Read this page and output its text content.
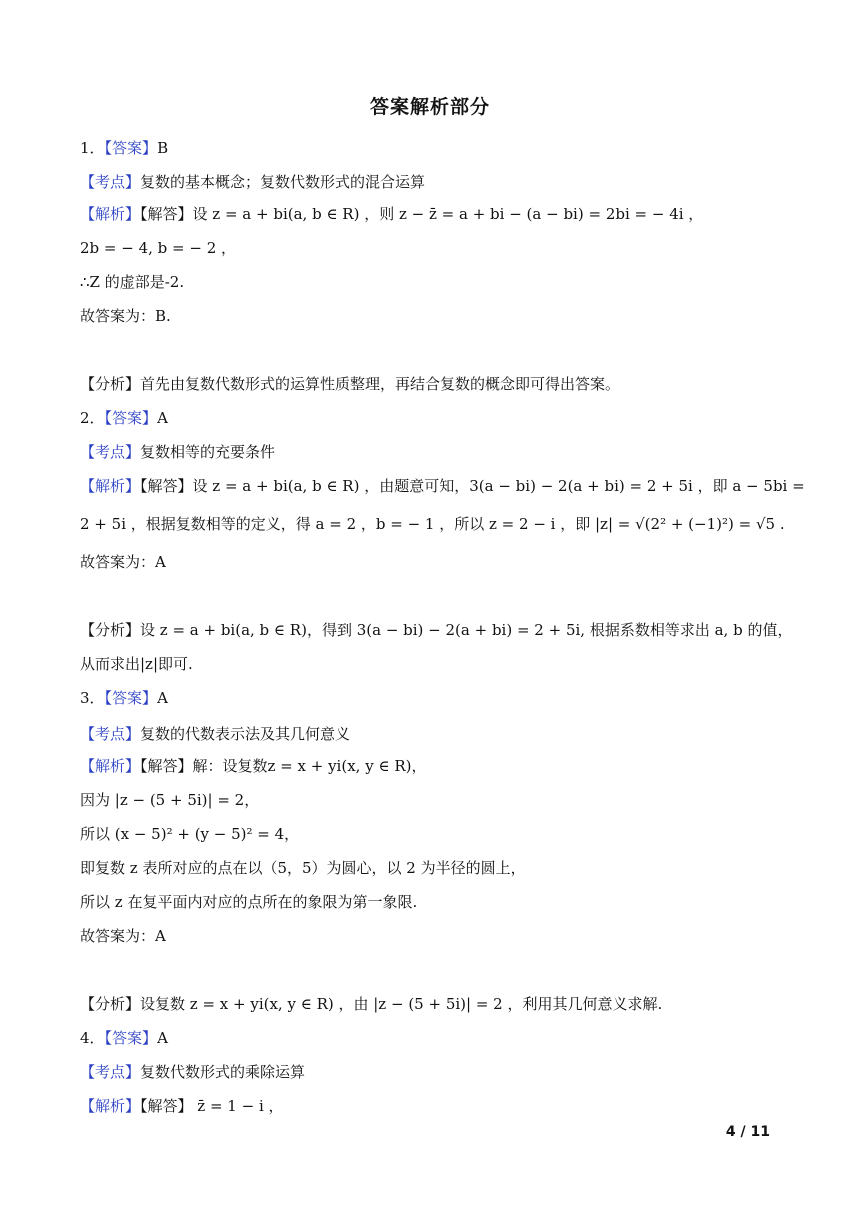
答案解析部分
1．【答案】B
【考点】复数的基本概念；复数代数形式的混合运算
【解析】【解答】设 z = a + bi(a, b ∈ R) ，则 z − z̄ = a + bi − (a − bi) = 2bi = − 4i ，
2b = − 4, b = − 2 ，
∴Z 的虚部是-2.
故答案为：B.
【分析】首先由复数代数形式的运算性质整理，再结合复数的概念即可得出答案。
2．【答案】A
【考点】复数相等的充要条件
【解析】【解答】设 z = a + bi(a, b ∈ R) ，由题意可知，3(a − bi) − 2(a + bi) = 2 + 5i ，即 a − 5bi =
2 + 5i ，根据复数相等的定义，得 a = 2 ，b = − 1 ，所以 z = 2 − i ，即 |z| = √(2² + (−1)²) = √5 .
故答案为：A
【分析】设 z = a + bi(a, b ∈ R)，得到 3(a − bi) − 2(a + bi) = 2 + 5i, 根据系数相等求出 a, b 的值，
从而求出|z|即可.
3．【答案】A
【考点】复数的代数表示法及其几何意义
【解析】【解答】解：设复数z = x + yi(x, y ∈ R)，
因为 |z − (5 + 5i)| = 2，
所以 (x − 5)² + (y − 5)² = 4，
即复数 z 表所对应的点在以（5，5）为圆心，以 2 为半径的圆上，
所以 z 在复平面内对应的点所在的象限为第一象限.
故答案为：A
【分析】设复数 z = x + yi(x, y ∈ R) ，由 |z − (5 + 5i)| = 2 ，利用其几何意义求解.
4．【答案】A
【考点】复数代数形式的乘除运算
【解析】【解答】 z̄ = 1 − i ，
4 / 11
